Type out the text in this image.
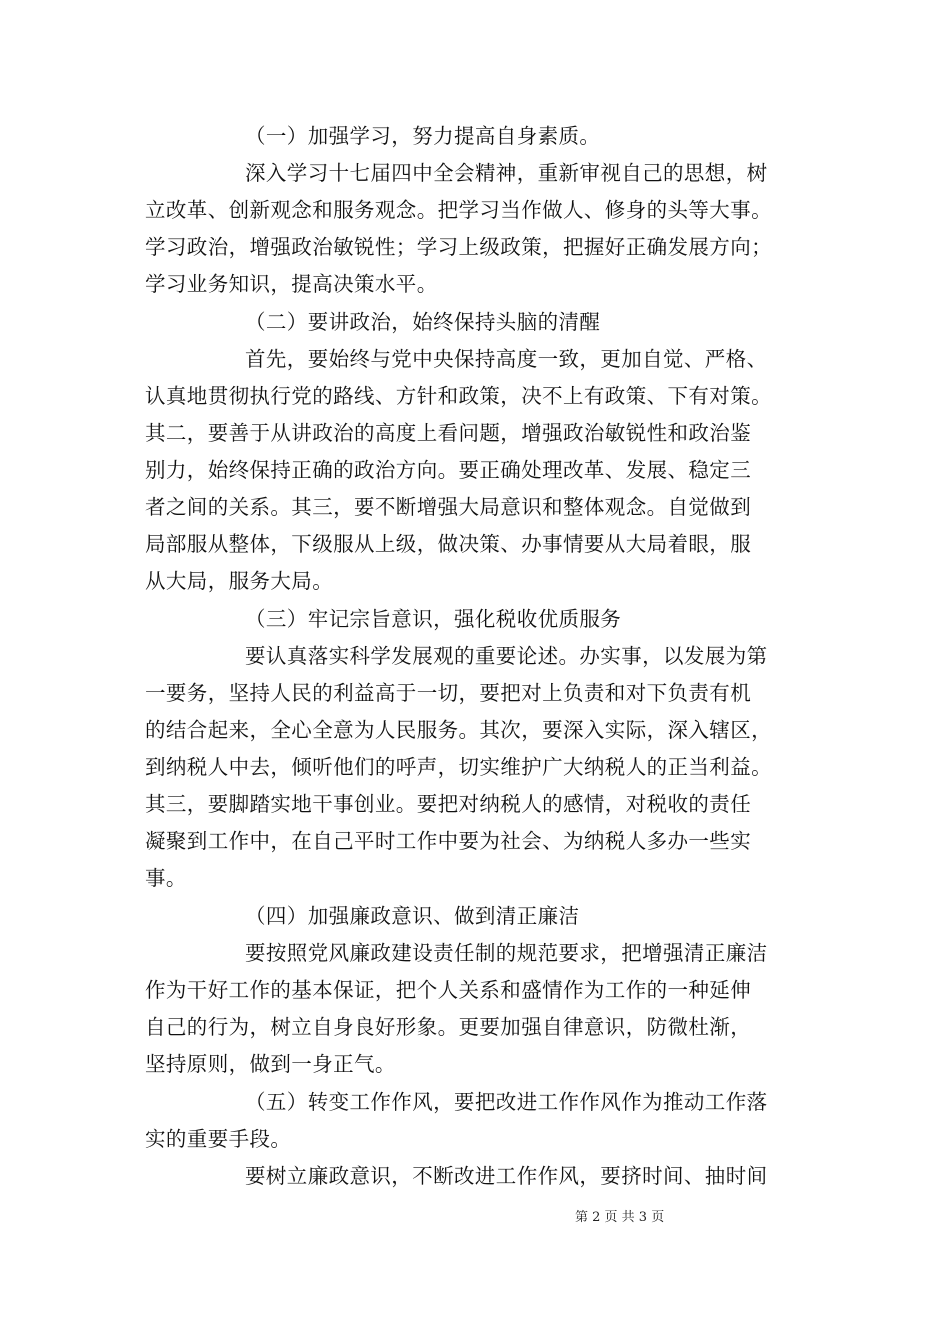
（一）加强学习，努力提高自身素质。
深入学习十七届四中全会精神，重新审视自己的思想，树
立改革、创新观念和服务观念。把学习当作做人、修身的头等大事。
学习政治，增强政治敏锐性；学习上级政策，把握好正确发展方向；
学习业务知识，提高决策水平。
（二）要讲政治，始终保持头脑的清醒
首先，要始终与党中央保持高度一致，更加自觉、严格、
认真地贯彻执行党的路线、方针和政策，决不上有政策、下有对策。
其二，要善于从讲政治的高度上看问题，增强政治敏锐性和政治鉴
别力，始终保持正确的政治方向。要正确处理改革、发展、稳定三
者之间的关系。其三，要不断增强大局意识和整体观念。自觉做到
局部服从整体，下级服从上级，做决策、办事情要从大局着眼，服
从大局，服务大局。
（三）牢记宗旨意识，强化税收优质服务
要认真落实科学发展观的重要论述。办实事，以发展为第
一要务，坚持人民的利益高于一切，要把对上负责和对下负责有机
的结合起来，全心全意为人民服务。其次，要深入实际，深入辖区，
到纳税人中去，倾听他们的呼声，切实维护广大纳税人的正当利益。
其三，要脚踏实地干事创业。要把对纳税人的感情，对税收的责任
凝聚到工作中，在自己平时工作中要为社会、为纳税人多办一些实
事。
（四）加强廉政意识、做到清正廉洁
要按照党风廉政建设责任制的规范要求，把增强清正廉洁
作为干好工作的基本保证，把个人关系和盛情作为工作的一种延伸
自己的行为，树立自身良好形象。更要加强自律意识，防微杜渐，
坚持原则，做到一身正气。
（五）转变工作作风，要把改进工作作风作为推动工作落
实的重要手段。
要树立廉政意识，不断改进工作作风，要挤时间、抽时间
第 2 页 共 3 页
